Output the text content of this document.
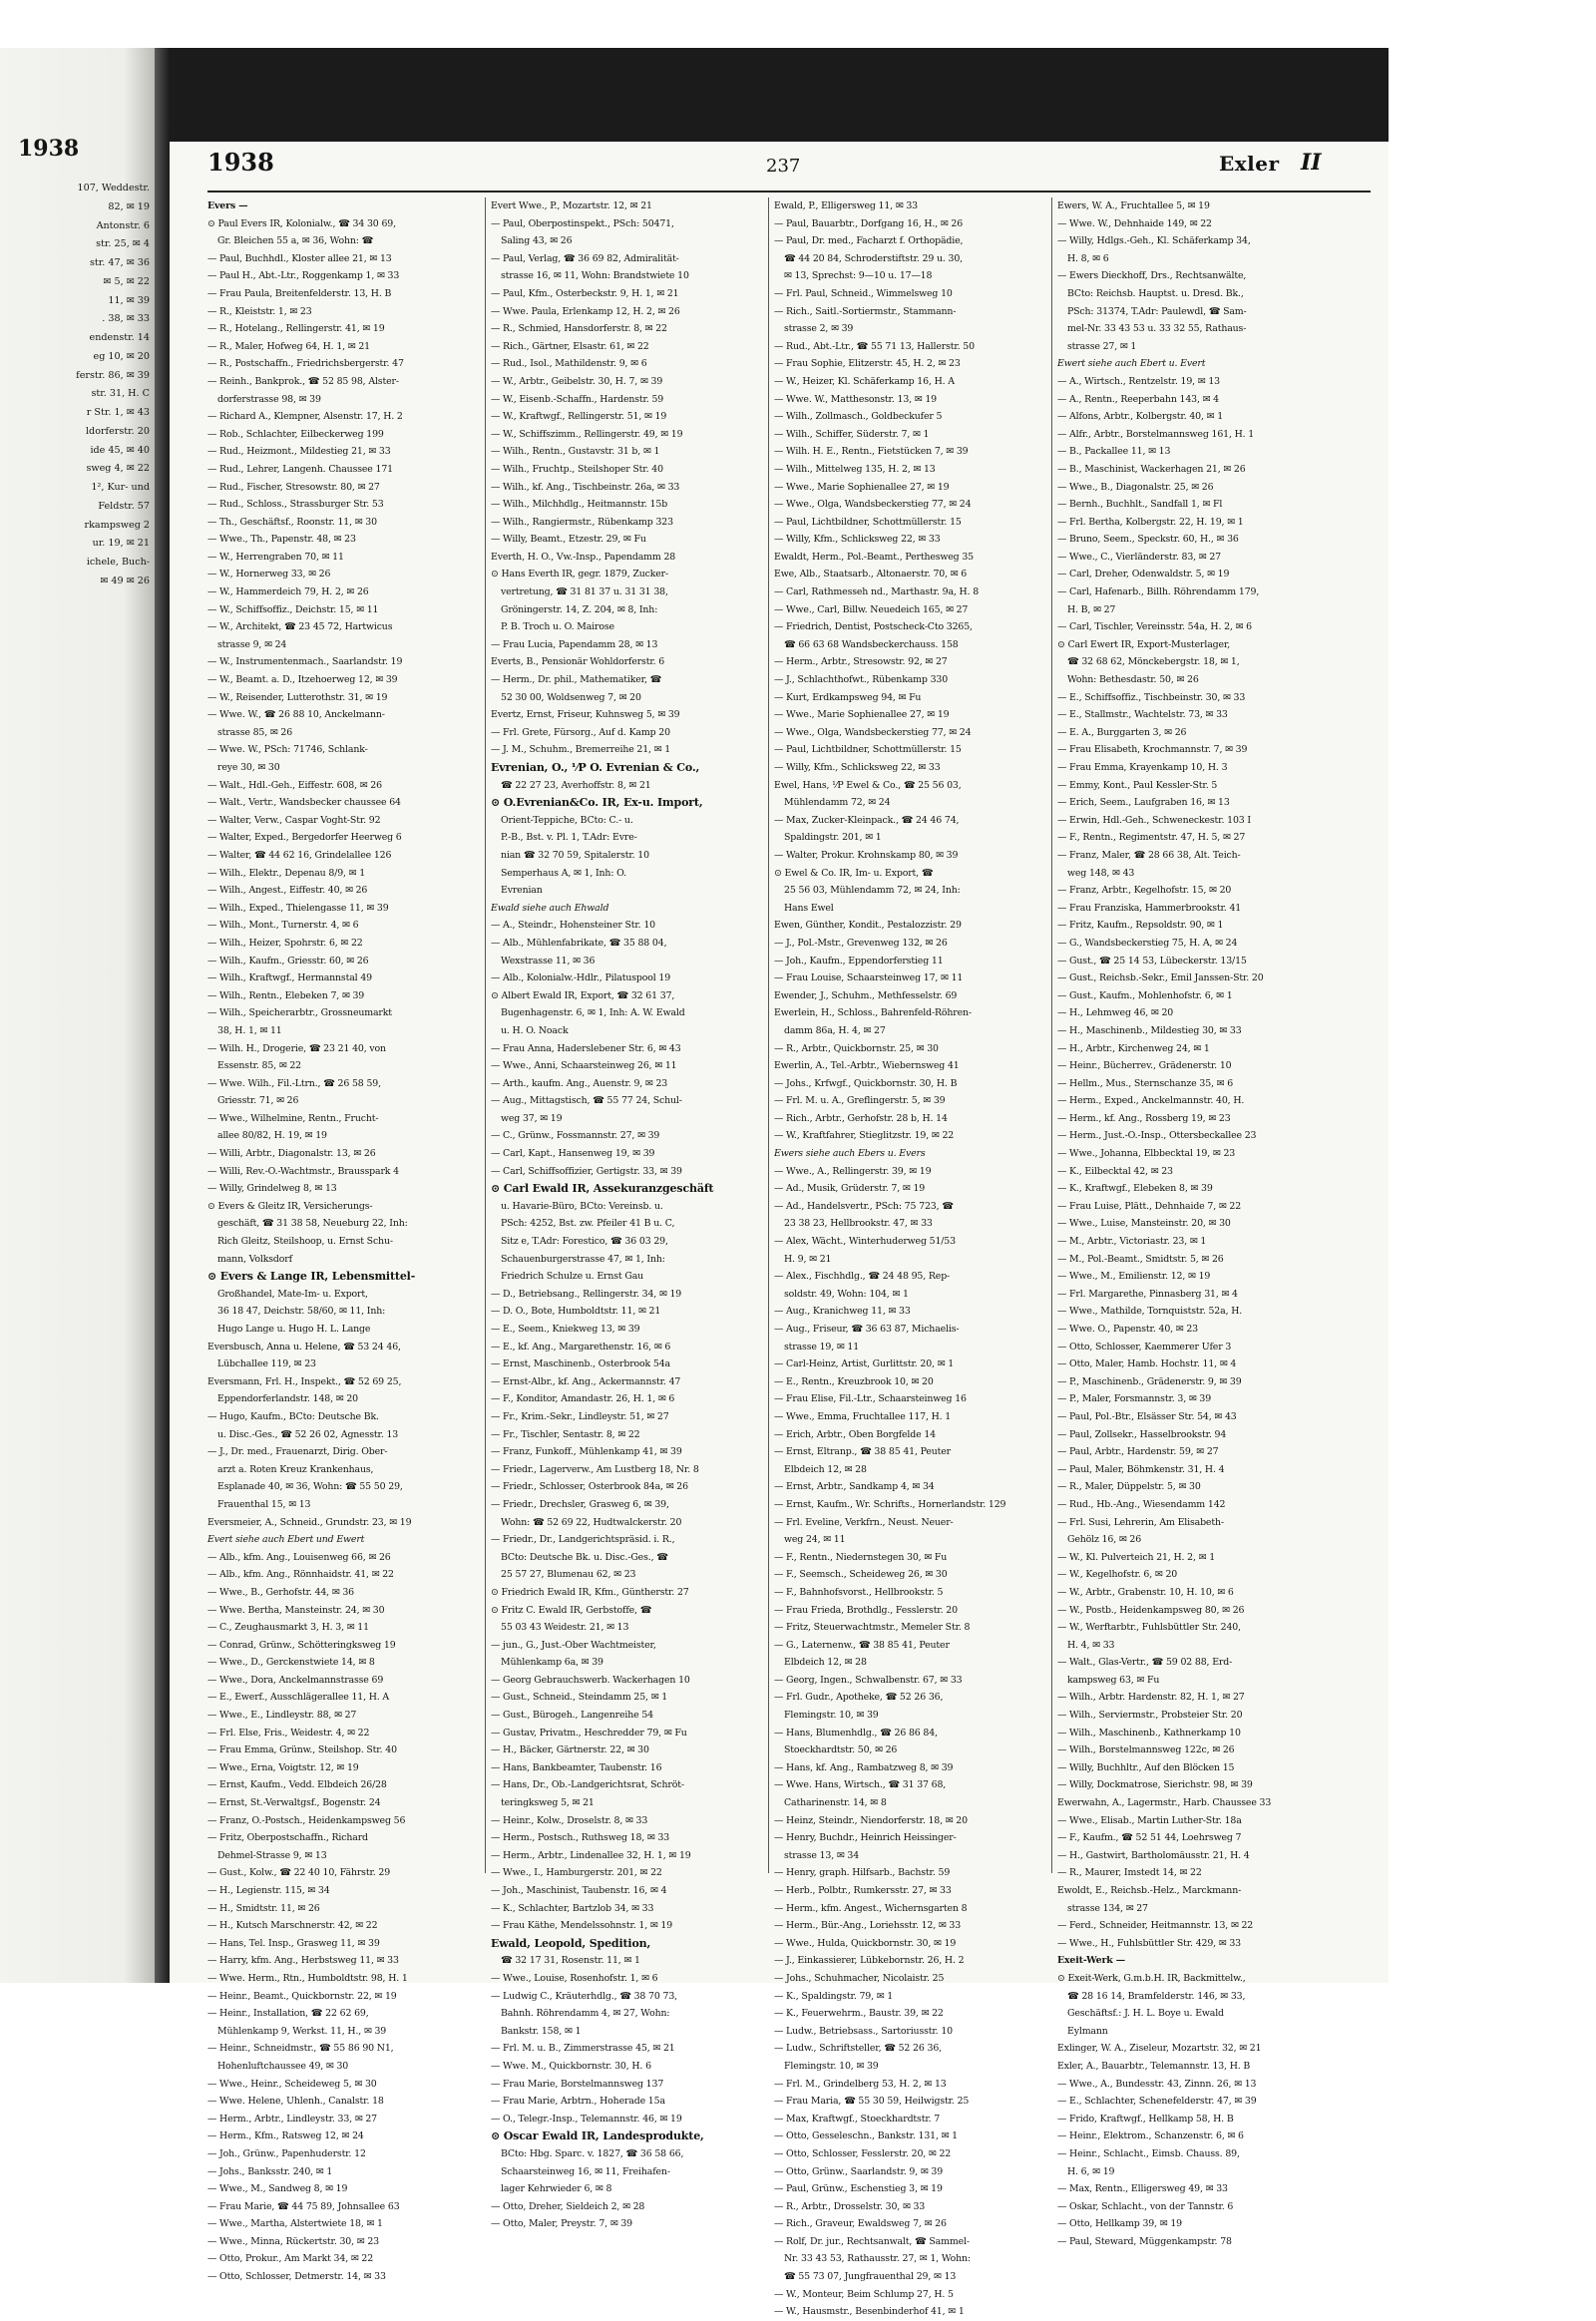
1938
107, Weddestr.
82, ✉ 19
Antonstr. 6
str. 25, ✉ 4
str. 47, ✉ 36
✉ 5, ✉ 22
11, ✉ 39
. 38, ✉ 33
endenstr. 14
eg 10, ✉ 20
ferstr. 86, ✉ 39
str. 31, H. C
r Str. 1, ✉ 43
ldorferstr. 20
ide 45, ✉ 40
sweg 4, ✉ 22
1², Kur- und
Feldstr. 57
rkampsweg 2
ur. 19, ✉ 21
ichele, Buch-
✉ 49 ✉ 26
1938	237	Exler II
Evers —
⊙ Paul Evers IR, Kolonialw., ☎ 34 30 69,
Gr. Bleichen 55 a, ✉ 36, Wohn: ☎
— Paul, Buchhdl., Kloster allee 21, ✉ 13
— Paul H., Abt.-Ltr., Roggenkamp 1, ✉ 33
— Frau Paula, Breitenfelderstr. 13, H. B
— R., Kleiststr. 1, ✉ 23
— R., Hotelang., Rellingerstr. 41, ✉ 19
— R., Maler, Hofweg 64, H. 1, ✉ 21
— R., Postschaffn., Friedrichsbergerstr. 47
— Reinh., Bankprok., ☎ 52 85 98, Alster-
dorferstrasse 98, ✉ 39
— Richard A., Klempner, Alsenstr. 17, H. 2
— Rob., Schlachter, Eilbeckerweg 199
— Rud., Heizmont., Mildestieg 21, ✉ 33
— Rud., Lehrer, Langenh. Chaussee 171
— Rud., Fischer, Stresowstr. 80, ✉ 27
— Rud., Schloss., Strassburger Str. 53
— Th., Geschäftsf., Roonstr. 11, ✉ 30
— Wwe., Th., Papenstr. 48, ✉ 23
— W., Herrengraben 70, ✉ 11
— W., Hornerweg 33, ✉ 26
— W., Hammerdeich 79, H. 2, ✉ 26
— W., Schiffsoffiz., Deichstr. 15, ✉ 11
— W., Architekt, ☎ 23 45 72, Hartwicus
strasse 9, ✉ 24
— W., Instrumentenmach., Saarlandstr. 19
— W., Beamt. a. D., Itzehoerweg 12, ✉ 39
— W., Reisender, Lutterothstr. 31, ✉ 19
— Wwe. W., ☎ 26 88 10, Anckelmann-
strasse 85, ✉ 26
— Wwe. W., PSch: 71746, Schlank-
reye 30, ✉ 30
— Walt., Hdl.-Geh., Eiffestr. 608, ✉ 26
— Walt., Vertr., Wandsbecker chaussee 64
— Walter, Verw., Caspar Voght-Str. 92
— Walter, Exped., Bergedorfer Heerweg 6
— Walter, ☎ 44 62 16, Grindelallee 126
— Wilh., Elektr., Depenau 8/9, ✉ 1
— Wilh., Angest., Eiffestr. 40, ✉ 26
— Wilh., Exped., Thielengasse 11, ✉ 39
— Wilh., Mont., Turnerstr. 4, ✉ 6
— Wilh., Heizer, Spohrstr. 6, ✉ 22
— Wilh., Kaufm., Griesstr. 60, ✉ 26
— Wilh., Kraftwgf., Hermannstal 49
— Wilh., Rentn., Elebeken 7, ✉ 39
— Wilh., Speicherarbtr., Grossneumarkt
38, H. 1, ✉ 11
— Wilh. H., Drogerie, ☎ 23 21 40, von
Essenstr. 85, ✉ 22
— Wwe. Wilh., Fil.-Ltrn., ☎ 26 58 59,
Griesstr. 71, ✉ 26
— Wwe., Wilhelmine, Rentn., Frucht-
allee 80/82, H. 19, ✉ 19
— Willi, Arbtr., Diagonalstr. 13, ✉ 26
— Willi, Rev.-O.-Wachtmstr., Brausspark 4
— Willy, Grindelweg 8, ✉ 13
⊙ Evers & Gleitz IR, Versicherungs-
geschäft, ☎ 31 38 58, Neueburg 22, Inh:
Rich Gleitz, Steilshoop, u. Ernst Schu-
mann, Volksdorf
⊙ Evers & Lange IR, Lebensmittel-
Großhandel, Mate-Im- u. Export,
36 18 47, Deichstr. 58/60, ✉ 11, Inh:
Hugo Lange u. Hugo H. L. Lange
Eversbusch, Anna u. Helene, ☎ 53 24 46,
Lübchallee 119, ✉ 23
Eversmann, Frl. H., Inspekt., ☎ 52 69 25,
Eppendorferlandstr. 148, ✉ 20
— Hugo, Kaufm., BCto: Deutsche Bk.
u. Disc.-Ges., ☎ 52 26 02, Agnesstr. 13
— J., Dr. med., Frauenarzt, Dirig. Ober-
arzt a. Roten Kreuz Krankenhaus,
Esplanade 40, ✉ 36, Wohn: ☎ 55 50 29,
Frauenthal 15, ✉ 13
Eversmeier, A., Schneid., Grundstr. 23, ✉ 19
Evert siehe auch Ebert und Ewert
— Alb., kfm. Ang., Louisenweg 66, ✉ 26
— Alb., kfm. Ang., Rönnhaidstr. 41, ✉ 22
— Wwe., B., Gerhofstr. 44, ✉ 36
— Wwe. Bertha, Mansteinstr. 24, ✉ 30
— C., Zeughausmarkt 3, H. 3, ✉ 11
— Conrad, Grünw., Schötteringksweg 19
— Wwe., D., Gerckenstwiete 14, ✉ 8
— Wwe., Dora, Anckelmannstrasse 69
— E., Ewerf., Ausschlägerallee 11, H. A
— Wwe., E., Lindleystr. 88, ✉ 27
— Frl. Else, Fris., Weidestr. 4, ✉ 22
— Frau Emma, Grünw., Steilshop. Str. 40
— Wwe., Erna, Voigtstr. 12, ✉ 19
— Ernst, Kaufm., Vedd. Elbdeich 26/28
— Ernst, St.-Verwaltgsf., Bogenstr. 24
— Franz, O.-Postsch., Heidenkampsweg 56
— Fritz, Oberpostschaffn., Richard
Dehmel-Strasse 9, ✉ 13
— Gust., Kolw., ☎ 22 40 10, Fährstr. 29
— H., Legienstr. 115, ✉ 34
— H., Smidtstr. 11, ✉ 26
— H., Kutsch Marschnerstr. 42, ✉ 22
— Hans, Tel. Insp., Grasweg 11, ✉ 39
— Harry, kfm. Ang., Herbstsweg 11, ✉ 33
— Wwe. Herm., Rtn., Humboldtstr. 98, H. 1
— Heinr., Beamt., Quickbornstr. 22, ✉ 19
— Heinr., Installation, ☎ 22 62 69,
Mühlenkamp 9, Werkst. 11, H., ✉ 39
— Heinr., Schneidmstr., ☎ 55 86 90 N1,
Hohenluftchaussee 49, ✉ 30
— Wwe., Heinr., Scheideweg 5, ✉ 30
— Wwe. Helene, Uhlenh., Canalstr. 18
— Herm., Arbtr., Lindleystr. 33, ✉ 27
— Herm., Kfm., Ratsweg 12, ✉ 24
— Joh., Grünw., Papenhuderstr. 12
— Johs., Banksstr. 240, ✉ 1
— Wwe., M., Sandweg 8, ✉ 19
— Frau Marie, ☎ 44 75 89, Johnsallee 63
— Wwe., Martha, Alstertwiete 18, ✉ 1
— Wwe., Minna, Rückertstr. 30, ✉ 23
— Otto, Prokur., Am Markt 34, ✉ 22
— Otto, Schlosser, Detmerstr. 14, ✉ 33
Evert Wwe., P., Mozartstr. 12, ✉ 21
— Paul, Oberpostinspekt., PSch: 50471,
Saling 43, ✉ 26
— Paul, Verlag, ☎ 36 69 82, Admiralität-
strasse 16, ✉ 11, Wohn: Brandstwiete 10
— Paul, Kfm., Osterbeckstr. 9, H. 1, ✉ 21
— Wwe. Paula, Erlenkamp 12, H. 2, ✉ 26
— R., Schmied, Hansdorferstr. 8, ✉ 22
— Rich., Gärtner, Elsastr. 61, ✉ 22
— Rud., Isol., Mathildenstr. 9, ✉ 6
— W., Arbtr., Geibelstr. 30, H. 7, ✉ 39
— W., Eisenb.-Schaffn., Hardenstr. 59
— W., Kraftwgf., Rellingerstr. 51, ✉ 19
— W., Schiffszimm., Rellingerstr. 49, ✉ 19
— Wilh., Rentn., Gustavstr. 31 b, ✉ 1
— Wilh., Fruchtp., Steilshoper Str. 40
— Wilh., kf. Ang., Tischbeinstr. 26a, ✉ 33
— Wilh., Milchhdlg., Heitmannstr. 15b
— Wilh., Rangiermstr., Rübenkamp 323
— Willy, Beamt., Etzestr. 29, ✉ Fu
Everth, H. O., Vw.-Insp., Papendamm 28
⊙ Hans Everth IR, gegr. 1879, Zucker-
vertretung, ☎ 31 81 37 u. 31 31 38,
Gröningerstr. 14, Z. 204, ✉ 8, Inh:
P. B. Troch u. O. Mairose
— Frau Lucia, Papendamm 28, ✉ 13
Everts, B., Pensionär Wohldorferstr. 6
— Herm., Dr. phil., Mathematiker, ☎
52 30 00, Woldsenweg 7, ✉ 20
Evertz, Ernst, Friseur, Kuhnsweg 5, ✉ 39
— Frl. Grete, Fürsorg., Auf d. Kamp 20
— J. M., Schuhm., Bremerreihe 21, ✉ 1
Evrenian, O., ⅟P O. Evrenian & Co.,
☎ 22 27 23, Averhoffstr. 8, ✉ 21
⊙ O.Evrenian&Co. IR, Ex-u. Import,
Orient-Teppiche, BCto: C.- u.
P.-B., Bst. v. Pl. 1, T.Adr: Evre-
nian ☎ 32 70 59, Spitalerstr. 10
Semperhaus A, ✉ 1, Inh: O.
Evrenian
Ewald siehe auch Ehwald
— A., Steindr., Hohensteiner Str. 10
— Alb., Mühlenfabrikate, ☎ 35 88 04,
Wexstrasse 11, ✉ 36
— Alb., Kolonialw.-Hdlr., Pilatuspool 19
⊙ Albert Ewald IR, Export, ☎ 32 61 37,
Bugenhagenstr. 6, ✉ 1, Inh: A. W. Ewald
u. H. O. Noack
— Frau Anna, Haderslebener Str. 6, ✉ 43
— Wwe., Anni, Schaarsteinweg 26, ✉ 11
— Arth., kaufm. Ang., Auenstr. 9, ✉ 23
— Aug., Mittagstisch, ☎ 55 77 24, Schul-
weg 37, ✉ 19
— C., Grünw., Fossmannstr. 27, ✉ 39
— Carl, Kapt., Hansenweg 19, ✉ 39
— Carl, Schiffsoffizier, Gertigstr. 33, ✉ 39
⊙ Carl Ewald IR, Assekuranzgeschäft
u. Havarie-Büro, BCto: Vereinsb. u.
PSch: 4252, Bst. zw. Pfeiler 41 B u. C,
Sitz e, T.Adr: Forestico, ☎ 36 03 29,
Schauenburgerstrasse 47, ✉ 1, Inh:
Friedrich Schulze u. Ernst Gau
— D., Betriebsang., Rellingerstr. 34, ✉ 19
— D. O., Bote, Humboldtstr. 11, ✉ 21
— E., Seem., Kniekweg 13, ✉ 39
— E., kf. Ang., Margarethenstr. 16, ✉ 6
— Ernst, Maschinenb., Osterbrook 54a
— Ernst-Albr., kf. Ang., Ackermannstr. 47
— F., Konditor, Amandastr. 26, H. 1, ✉ 6
— Fr., Krim.-Sekr., Lindleystr. 51, ✉ 27
— Fr., Tischler, Sentastr. 8, ✉ 22
— Franz, Funkoff., Mühlenkamp 41, ✉ 39
— Friedr., Lagerverw., Am Lustberg 18, Nr. 8
— Friedr., Schlosser, Osterbrook 84a, ✉ 26
— Friedr., Drechsler, Grasweg 6, ✉ 39,
Wohn: ☎ 52 69 22, Hudtwalckerstr. 20
— Friedr., Dr., Landgerichtspräsid. i. R.,
BCto: Deutsche Bk. u. Disc.-Ges., ☎
25 57 27, Blumenau 62, ✉ 23
⊙ Friedrich Ewald IR, Kfm., Güntherstr. 27
⊙ Fritz C. Ewald IR, Gerbstoffe, ☎
55 03 43 Weidestr. 21, ✉ 13
— jun., G., Just.-Ober Wachtmeister,
Mühlenkamp 6a, ✉ 39
— Georg Gebrauchswerb. Wackerhagen 10
— Gust., Schneid., Steindamm 25, ✉ 1
— Gust., Bürogeh., Langenreihe 54
— Gustav, Privatm., Heschredder 79, ✉ Fu
— H., Bäcker, Gärtnerstr. 22, ✉ 30
— Hans, Bankbeamter, Taubenstr. 16
— Hans, Dr., Ob.-Landgerichtsrat, Schröt-
teringksweg 5, ✉ 21
— Heinr., Kolw., Droselstr. 8, ✉ 33
— Herm., Postsch., Ruthsweg 18, ✉ 33
— Herm., Arbtr., Lindenallee 32, H. 1, ✉ 19
— Wwe., I., Hamburgerstr. 201, ✉ 22
— Joh., Maschinist, Taubenstr. 16, ✉ 4
— K., Schlachter, Bartzlob 34, ✉ 33
— Frau Käthe, Mendelssohnstr. 1, ✉ 19
Ewald, Leopold, Spedition,
☎ 32 17 31, Rosenstr. 11, ✉ 1
— Wwe., Louise, Rosenhofstr. 1, ✉ 6
— Ludwig C., Kräuterhdlg., ☎ 38 70 73,
Bahnh. Röhrendamm 4, ✉ 27, Wohn:
Bankstr. 158, ✉ 1
— Frl. M. u. B., Zimmerstrasse 45, ✉ 21
— Wwe. M., Quickbornstr. 30, H. 6
— Frau Marie, Borstelmannsweg 137
— Frau Marie, Arbtrn., Hoherade 15a
— O., Telegr.-Insp., Telemannstr. 46, ✉ 19
⊙ Oscar Ewald IR, Landesprodukte,
BCto: Hbg. Sparc. v. 1827, ☎ 36 58 66,
Schaarsteinweg 16, ✉ 11, Freihafen-
lager Kehrwieder 6, ✉ 8
— Otto, Dreher, Sieldeich 2, ✉ 28
— Otto, Maler, Preystr. 7, ✉ 39
Ewald, P., Elligersweg 11, ✉ 33
— Paul, Bauarbtr., Dorfgang 16, H., ✉ 26
— Paul, Dr. med., Facharzt f. Orthopädie,
☎ 44 20 84, Schroderstiftstr. 29 u. 30,
✉ 13, Sprechst: 9—10 u. 17—18
— Frl. Paul, Schneid., Wimmelsweg 10
— Rich., Saitl.-Sortiermstr., Stammann-
strasse 2, ✉ 39
— Rud., Abt.-Ltr., ☎ 55 71 13, Hallerstr. 50
— Frau Sophie, Elitzerstr. 45, H. 2, ✉ 23
— W., Heizer, Kl. Schäferkamp 16, H. A
— Wwe. W., Matthesonstr. 13, ✉ 19
— Wilh., Zollmasch., Goldbeckufer 5
— Wilh., Schiffer, Süderstr. 7, ✉ 1
— Wilh. H. E., Rentn., Fietstücken 7, ✉ 39
— Wilh., Mittelweg 135, H. 2, ✉ 13
— Wwe., Marie Sophienallee 27, ✉ 19
— Wwe., Olga, Wandsbeckerstieg 77, ✉ 24
— Paul, Lichtbildner, Schottmüllerstr. 15
— Willy, Kfm., Schlicksweg 22, ✉ 33
Ewaldt, Herm., Pol.-Beamt., Perthesweg 35
Ewe, Alb., Staatsarb., Altonaerstr. 70, ✉ 6
— Carl, Rathmesseh nd., Marthastr. 9a, H. 8
— Wwe., Carl, Billw. Neuedeich 165, ✉ 27
— Friedrich, Dentist, Postscheck-Cto 3265,
☎ 66 63 68 Wandsbeckerchauss. 158
— Herm., Arbtr., Stresowstr. 92, ✉ 27
— J., Schlachthofwt., Rübenkamp 330
— Kurt, Erdkampsweg 94, ✉ Fu
— Wwe., Marie Sophienallee 27, ✉ 19
— Wwe., Olga, Wandsbeckerstieg 77, ✉ 24
— Paul, Lichtbildner, Schottmüllerstr. 15
— Willy, Kfm., Schlicksweg 22, ✉ 33
Ewel, Hans, ⅟P Ewel & Co., ☎ 25 56 03,
Mühlendamm 72, ✉ 24
— Max, Zucker-Kleinpack., ☎ 24 46 74,
Spaldingstr. 201, ✉ 1
— Walter, Prokur. Krohnskamp 80, ✉ 39
⊙ Ewel & Co. IR, Im- u. Export, ☎
25 56 03, Mühlendamm 72, ✉ 24, Inh:
Hans Ewel
Ewen, Günther, Kondit., Pestalozzistr. 29
— J., Pol.-Mstr., Grevenweg 132, ✉ 26
— Joh., Kaufm., Eppendorferstieg 11
— Frau Louise, Schaarsteinweg 17, ✉ 11
Ewender, J., Schuhm., Methfesselstr. 69
Ewerlein, H., Schloss., Bahrenfeld-Röhren-
damm 86a, H. 4, ✉ 27
— R., Arbtr., Quickbornstr. 25, ✉ 30
Ewerlin, A., Tel.-Arbtr., Wiebernsweg 41
— Johs., Krfwgf., Quickbornstr. 30, H. B
— Frl. M. u. A., Greflingerstr. 5, ✉ 39
— Rich., Arbtr., Gerhofstr. 28 b, H. 14
— W., Kraftfahrer, Stieglitzstr. 19, ✉ 22
Ewers siehe auch Ebers u. Evers
— Wwe., A., Rellingerstr. 39, ✉ 19
— Ad., Musik, Grüderstr. 7, ✉ 19
— Ad., Handelsvertr., PSch: 75 723, ☎
23 38 23, Hellbrookstr. 47, ✉ 33
— Alex, Wächt., Winterhuderweg 51/53
H. 9, ✉ 21
— Alex., Fischhdlg., ☎ 24 48 95, Rep-
soldstr. 49, Wohn: 104, ✉ 1
— Aug., Kranichweg 11, ✉ 33
— Aug., Friseur, ☎ 36 63 87, Michaelis-
strasse 19, ✉ 11
— Carl-Heinz, Artist, Gurlittstr. 20, ✉ 1
— E., Rentn., Kreuzbrook 10, ✉ 20
— Frau Elise, Fil.-Ltr., Schaarsteinweg 16
— Wwe., Emma, Fruchtallee 117, H. 1
— Erich, Arbtr., Oben Borgfelde 14
— Ernst, Eltranp., ☎ 38 85 41, Peuter
Elbdeich 12, ✉ 28
— Ernst, Arbtr., Sandkamp 4, ✉ 34
— Ernst, Kaufm., Wr. Schrifts., Hornerlandstr. 129
— Frl. Eveline, Verkfrn., Neust. Neuer-
weg 24, ✉ 11
— F., Rentn., Niedernstegen 30, ✉ Fu
— F., Seemsch., Scheideweg 26, ✉ 30
— F., Bahnhofsvorst., Hellbrookstr. 5
— Frau Frieda, Brothdlg., Fesslerstr. 20
— Fritz, Steuerwachtmstr., Memeler Str. 8
— G., Laternenw., ☎ 38 85 41, Peuter
Elbdeich 12, ✉ 28
— Georg, Ingen., Schwalbenstr. 67, ✉ 33
— Frl. Gudr., Apotheke, ☎ 52 26 36,
Flemingstr. 10, ✉ 39
— Hans, Blumenhdlg., ☎ 26 86 84,
Stoeckhardtstr. 50, ✉ 26
— Hans, kf. Ang., Rambatzweg 8, ✉ 39
— Wwe. Hans, Wirtsch., ☎ 31 37 68,
Catharinenstr. 14, ✉ 8
— Heinz, Steindr., Niendorferstr. 18, ✉ 20
— Henry, Buchdr., Heinrich Heissinger-
strasse 13, ✉ 34
— Henry, graph. Hilfsarb., Bachstr. 59
— Herb., Polbtr., Rumkersstr. 27, ✉ 33
— Herm., kfm. Angest., Wichernsgarten 8
— Herm., Bür.-Ang., Loriehsstr. 12, ✉ 33
— Wwe., Hulda, Quickbornstr. 30, ✉ 19
— J., Einkassierer, Lübkebornstr. 26, H. 2
— Johs., Schuhmacher, Nicolaistr. 25
— K., Spaldingstr. 79, ✉ 1
— K., Feuerwehrm., Baustr. 39, ✉ 22
— Ludw., Betriebsass., Sartoriusstr. 10
— Ludw., Schriftsteller, ☎ 52 26 36,
Flemingstr. 10, ✉ 39
— Frl. M., Grindelberg 53, H. 2, ✉ 13
— Frau Maria, ☎ 55 30 59, Heilwigstr. 25
— Max, Kraftwgf., Stoeckhardtstr. 7
— Otto, Gesseleschn., Bankstr. 131, ✉ 1
— Otto, Schlosser, Fesslerstr. 20, ✉ 22
— Otto, Grünw., Saarlandstr. 9, ✉ 39
— Paul, Grünw., Eschenstieg 3, ✉ 19
— R., Arbtr., Drosselstr. 30, ✉ 33
— Rich., Graveur, Ewaldsweg 7, ✉ 26
— Rolf, Dr. jur., Rechtsanwalt, ☎ Sammel-
Nr. 33 43 53, Rathausstr. 27, ✉ 1, Wohn:
☎ 55 73 07, Jungfrauenthal 29, ✉ 13
— W., Monteur, Beim Schlump 27, H. 5
— W., Hausmstr., Besenbinderhof 41, ✉ 1
Ewers, W. A., Fruchtallee 5, ✉ 19
— Wwe. W., Dehnhaide 149, ✉ 22
— Willy, Hdlgs.-Geh., Kl. Schäferkamp 34,
H. 8, ✉ 6
— Ewers Dieckhoff, Drs., Rechtsanwälte,
BCto: Reichsb. Hauptst. u. Dresd. Bk.,
PSch: 31374, T.Adr: Paulewdl, ☎ Sam-
mel-Nr. 33 43 53 u. 33 32 55, Rathaus-
strasse 27, ✉ 1
Ewert siehe auch Ebert u. Evert
— A., Wirtsch., Rentzelstr. 19, ✉ 13
— A., Rentn., Reeperbahn 143, ✉ 4
— Alfons, Arbtr., Kolbergstr. 40, ✉ 1
— Alfr., Arbtr., Borstelmannsweg 161, H. 1
— B., Packallee 11, ✉ 13
— B., Maschinist, Wackerhagen 21, ✉ 26
— Wwe., B., Diagonalstr. 25, ✉ 26
— Bernh., Buchhlt., Sandfall 1, ✉ Fl
— Frl. Bertha, Kolbergstr. 22, H. 19, ✉ 1
— Bruno, Seem., Speckstr. 60, H., ✉ 36
— Wwe., C., Vierländerstr. 83, ✉ 27
— Carl, Dreher, Odenwaldstr. 5, ✉ 19
— Carl, Hafenarb., Billh. Röhrendamm 179,
H. B, ✉ 27
— Carl, Tischler, Vereinsstr. 54a, H. 2, ✉ 6
⊙ Carl Ewert IR, Export-Musterlager,
☎ 32 68 62, Mönckebergstr. 18, ✉ 1,
Wohn: Bethesdastr. 50, ✉ 26
— E., Schiffsoffiz., Tischbeinstr. 30, ✉ 33
— E., Stallmstr., Wachtelstr. 73, ✉ 33
— E. A., Burggarten 3, ✉ 26
— Frau Elisabeth, Krochmannstr. 7, ✉ 39
— Frau Emma, Krayenkamp 10, H. 3
— Emmy, Kont., Paul Kessler-Str. 5
— Erich, Seem., Laufgraben 16, ✉ 13
— Erwin, Hdl.-Geh., Schweneckestr. 103 I
— F., Rentn., Regimentstr. 47, H. 5, ✉ 27
— Franz, Maler, ☎ 28 66 38, Alt. Teich-
weg 148, ✉ 43
— Franz, Arbtr., Kegelhofstr. 15, ✉ 20
— Frau Franziska, Hammerbrookstr. 41
— Fritz, Kaufm., Repsoldstr. 90, ✉ 1
— G., Wandsbeckerstieg 75, H. A, ✉ 24
— Gust., ☎ 25 14 53, Lübeckerstr. 13/15
— Gust., Reichsb.-Sekr., Emil Janssen-Str. 20
— Gust., Kaufm., Mohlenhofstr. 6, ✉ 1
— H., Lehmweg 46, ✉ 20
— H., Maschinenb., Mildestieg 30, ✉ 33
— H., Arbtr., Kirchenweg 24, ✉ 1
— Heinr., Bücherrev., Grädenerstr. 10
— Hellm., Mus., Sternschanze 35, ✉ 6
— Herm., Exped., Anckelmannstr. 40, H.
— Herm., kf. Ang., Rossberg 19, ✉ 23
— Herm., Just.-O.-Insp., Ottersbeckallee 23
— Wwe., Johanna, Elbbecktal 19, ✉ 23
— K., Eilbecktal 42, ✉ 23
— K., Kraftwgf., Elebeken 8, ✉ 39
— Frau Luise, Plätt., Dehnhaide 7, ✉ 22
— Wwe., Luise, Mansteinstr. 20, ✉ 30
— M., Arbtr., Victoriastr. 23, ✉ 1
— M., Pol.-Beamt., Smidtstr. 5, ✉ 26
— Wwe., M., Emilienstr. 12, ✉ 19
— Frl. Margarethe, Pinnasberg 31, ✉ 4
— Wwe., Mathilde, Tornquiststr. 52a, H.
— Wwe. O., Papenstr. 40, ✉ 23
— Otto, Schlosser, Kaemmerer Ufer 3
— Otto, Maler, Hamb. Hochstr. 11, ✉ 4
— P., Maschinenb., Grädenerstr. 9, ✉ 39
— P., Maler, Forsmannstr. 3, ✉ 39
— Paul, Pol.-Btr., Elsässer Str. 54, ✉ 43
— Paul, Zollsekr., Hasselbrookstr. 94
— Paul, Arbtr., Hardenstr. 59, ✉ 27
— Paul, Maler, Böhmkenstr. 31, H. 4
— R., Maler, Düppelstr. 5, ✉ 30
— Rud., Hb.-Ang., Wiesendamm 142
— Frl. Susi, Lehrerin, Am Elisabeth-
Gehölz 16, ✉ 26
— W., Kl. Pulverteich 21, H. 2, ✉ 1
— W., Kegelhofstr. 6, ✉ 20
— W., Arbtr., Grabenstr. 10, H. 10, ✉ 6
— W., Postb., Heidenkampsweg 80, ✉ 26
— W., Werftarbtr., Fuhlsbüttler Str. 240,
H. 4, ✉ 33
— Walt., Glas-Vertr., ☎ 59 02 88, Erd-
kampsweg 63, ✉ Fu
— Wilh., Arbtr. Hardenstr. 82, H. 1, ✉ 27
— Wilh., Serviermstr., Probsteier Str. 20
— Wilh., Maschinenb., Kathnerkamp 10
— Wilh., Borstelmannsweg 122c, ✉ 26
— Willy, Buchhltr., Auf den Blöcken 15
— Willy, Dockmatrose, Sierichstr. 98, ✉ 39
Ewerwahn, A., Lagermstr., Harb. Chaussee 33
— Wwe., Elisab., Martin Luther-Str. 18a
— F., Kaufm., ☎ 52 51 44, Loehrsweg 7
— H., Gastwirt, Bartholomäusstr. 21, H. 4
— R., Maurer, Imstedt 14, ✉ 22
Ewoldt, E., Reichsb.-Helz., Marckmann-
strasse 134, ✉ 27
— Ferd., Schneider, Heitmannstr. 13, ✉ 22
— Wwe., H., Fuhlsbüttler Str. 429, ✉ 33
Exeit-Werk —
⊙ Exeit-Werk, G.m.b.H. IR, Backmittelw.,
☎ 28 16 14, Bramfelderstr. 146, ✉ 33,
Geschäftsf.: J. H. L. Boye u. Ewald
Eylmann
Exlinger, W. A., Ziseleur, Mozartstr. 32, ✉ 21
Exler, A., Bauarbtr., Telemannstr. 13, H. B
— Wwe., A., Bundesstr. 43, Zinnn. 26, ✉ 13
— E., Schlachter, Schenefelderstr. 47, ✉ 39
— Frido, Kraftwgf., Hellkamp 58, H. B
— Heinr., Elektrom., Schanzenstr. 6, ✉ 6
— Heinr., Schlacht., Eimsb. Chauss. 89,
H. 6, ✉ 19
— Max, Rentn., Elligersweg 49, ✉ 33
— Oskar, Schlacht., von der Tannstr. 6
— Otto, Hellkamp 39, ✉ 19
— Paul, Steward, Müggenkampstr. 78
